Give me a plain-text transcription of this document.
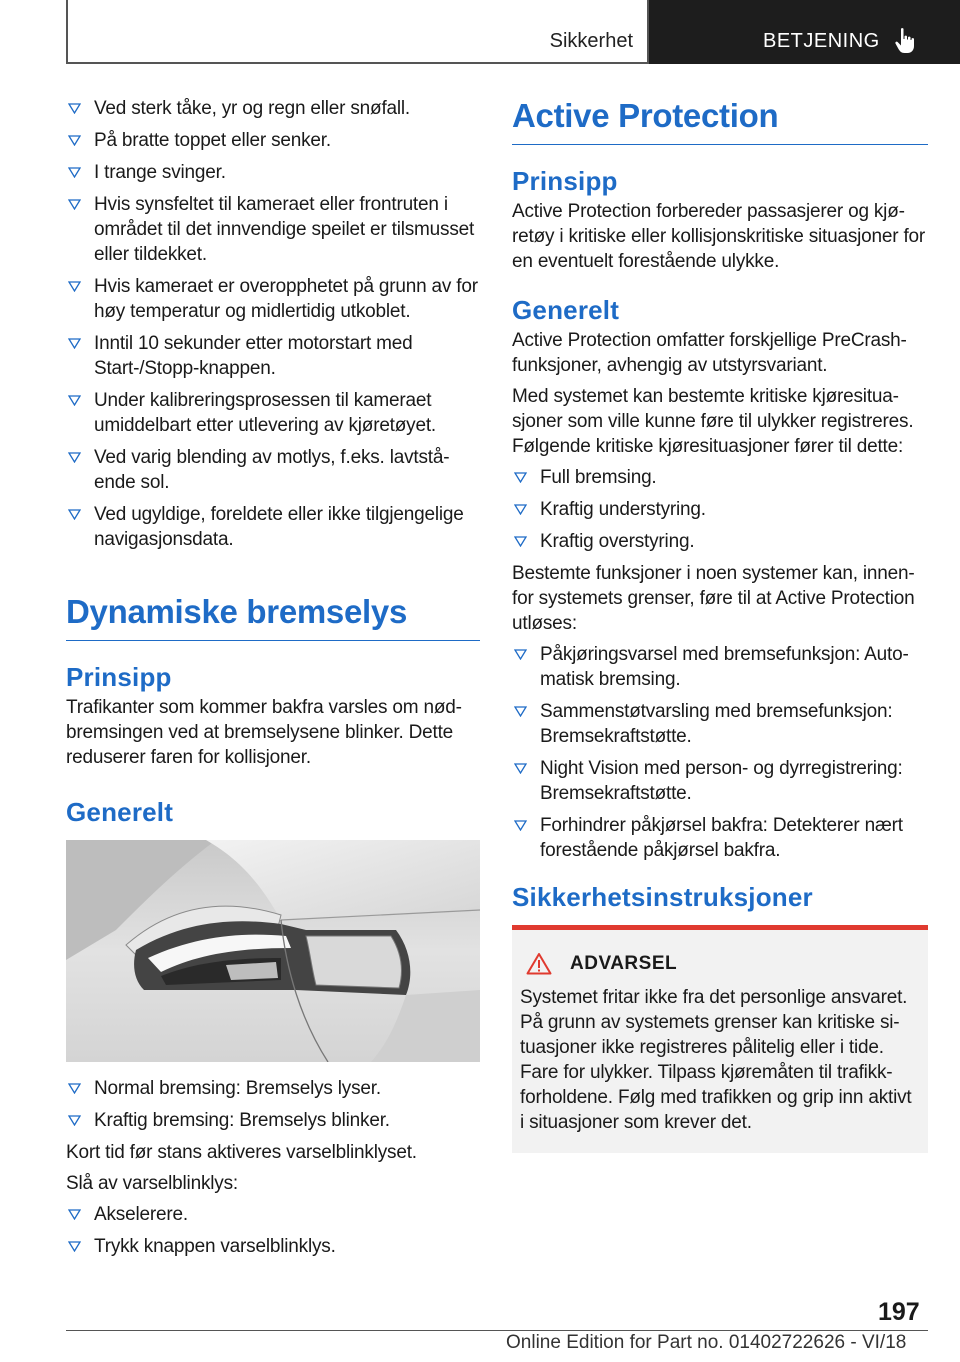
Sikkerhet	BETJENING
Ved sterk tåke, yr og regn eller snøfall.
På bratte toppet eller senker.
I trange svinger.
Hvis synsfeltet til kameraet eller frontruten i området til det innvendige speilet er tilsmusset eller tildekket.
Hvis kameraet er overopphetet på grunn av for høy temperatur og midlertidig utkoblet.
Inntil 10 sekunder etter motorstart med Start-/Stopp-knappen.
Under kalibreringsprosessen til kameraet umiddelbart etter utlevering av kjøretøyet.
Ved varig blending av motlys, f.eks. lavtstående sol.
Ved ugyldige, foreldete eller ikke tilgjengelige navigasjonsdata.
Dynamiske bremselys
Prinsipp

Trafikanter som kommer bakfra varsles om nødbremsingen ved at bremselysene blinker. Dette reduserer faren for kollisjoner.

Generelt
Normal bremsing: Bremselys lyser.
Kraftig bremsing: Bremselys blinker.

Kort tid før stans aktiveres varselblinklyset.

Slå av varselblinklys:

Akselerere.
Trykk knappen varselblinklys.
Active Protection
Prinsipp

Active Protection forbereder passasjerer og kjøretøy i kritiske eller kollisjonskritiske situasjoner for en eventuelt forestående ulykke.

Generelt

Active Protection omfatter forskjellige PreCrash-funksjoner, avhengig av utstyrsvariant.

Med systemet kan bestemte kritiske kjøresituasjoner som ville kunne føre til ulykker registreres. Følgende kritiske kjøresituasjoner fører til dette:

Full bremsing.
Kraftig understyring.
Kraftig overstyring.

Bestemte funksjoner i noen systemer kan, innenfor systemets grenser, føre til at Active Protection utløses:

Påkjøringsvarsel med bremsefunksjon: Automatisk bremsing.
Sammenstøtvarsling med bremsefunksjon: Bremsekraftstøtte.
Night Vision med person- og dyrregistrering: Bremsekraftstøtte.
Forhindrer påkjørsel bakfra: Detekterer nært forestående påkjørsel bakfra.
Sikkerhetsinstruksjoner
ADVARSEL

Systemet fritar ikke fra det personlige ansvaret. På grunn av systemets grenser kan kritiske situasjoner ikke registreres pålitelig eller i tide. Fare for ulykker. Tilpass kjøremåten til trafikkforholdene. Følg med trafikken og grip inn aktivt i situasjoner som krever det.

197
Online Edition for Part no. 01402722626 - VI/18
